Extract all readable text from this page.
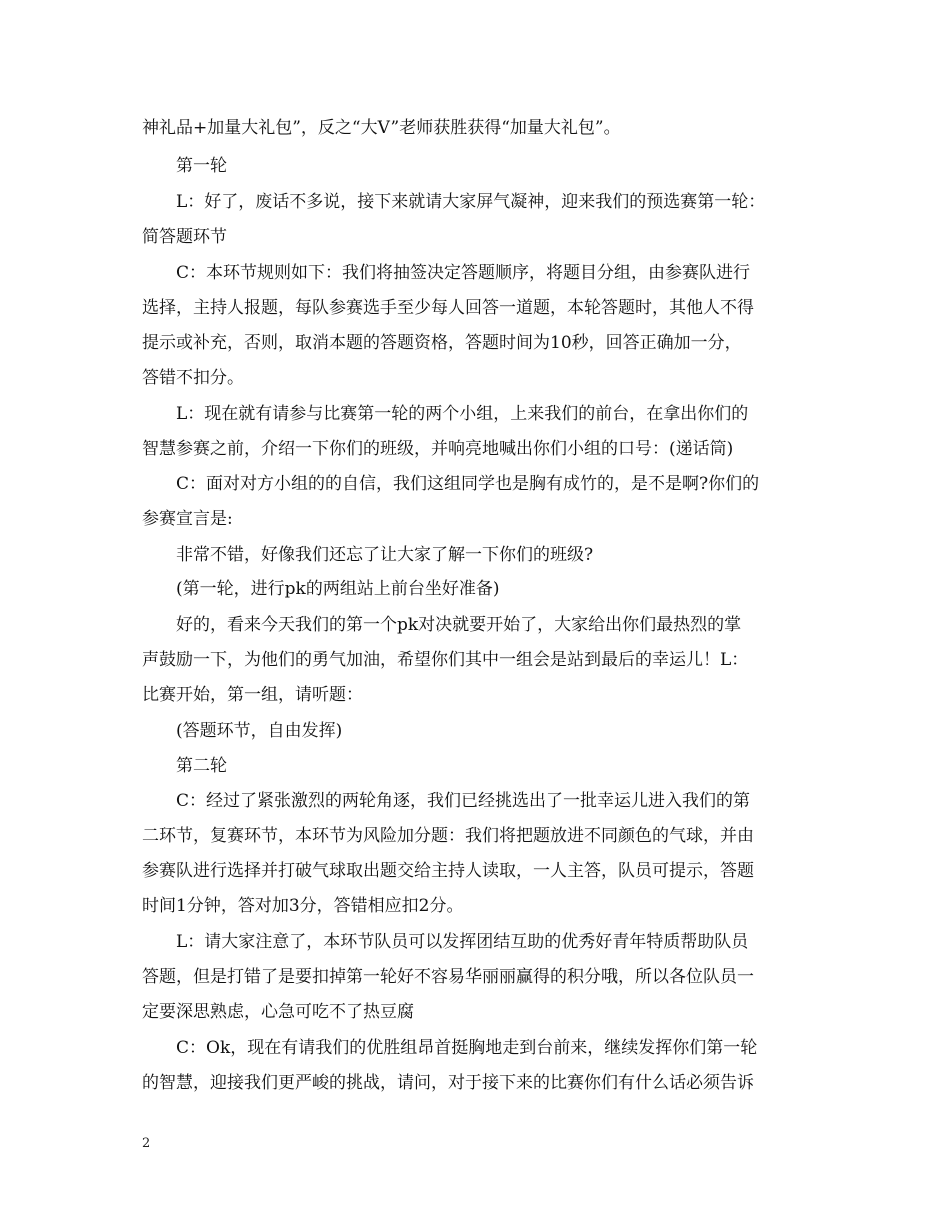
神礼品+加量大礼包”，反之“大V”老师获胜获得“加量大礼包”。
第一轮
L：好了，废话不多说，接下来就请大家屏气凝神，迎来我们的预选赛第一轮：
简答题环节
C：本环节规则如下：我们将抽签决定答题顺序，将题目分组，由参赛队进行
选择，主持人报题，每队参赛选手至少每人回答一道题，本轮答题时，其他人不得
提示或补充，否则，取消本题的答题资格，答题时间为10秒，回答正确加一分，
答错不扣分。
L：现在就有请参与比赛第一轮的两个小组，上来我们的前台，在拿出你们的
智慧参赛之前，介绍一下你们的班级，并响亮地喊出你们小组的口号：(递话筒)
C：面对对方小组的的自信，我们这组同学也是胸有成竹的，是不是啊?你们的
参赛宣言是:
非常不错，好像我们还忘了让大家了解一下你们的班级?
(第一轮，进行pk的两组站上前台坐好准备)
好的，看来今天我们的第一个pk对决就要开始了，大家给出你们最热烈的掌
声鼓励一下，为他们的勇气加油，希望你们其中一组会是站到最后的幸运儿！L：
比赛开始，第一组，请听题：
(答题环节，自由发挥)
第二轮
C：经过了紧张激烈的两轮角逐，我们已经挑选出了一批幸运儿进入我们的第
二环节，复赛环节，本环节为风险加分题：我们将把题放进不同颜色的气球，并由
参赛队进行选择并打破气球取出题交给主持人读取，一人主答，队员可提示，答题
时间1分钟，答对加3分，答错相应扣2分。
L：请大家注意了，本环节队员可以发挥团结互助的优秀好青年特质帮助队员
答题，但是打错了是要扣掉第一轮好不容易华丽丽赢得的积分哦，所以各位队员一
定要深思熟虑，心急可吃不了热豆腐
C：Ok，现在有请我们的优胜组昂首挺胸地走到台前来，继续发挥你们第一轮
的智慧，迎接我们更严峻的挑战，请问，对于接下来的比赛你们有什么话必须告诉
2
